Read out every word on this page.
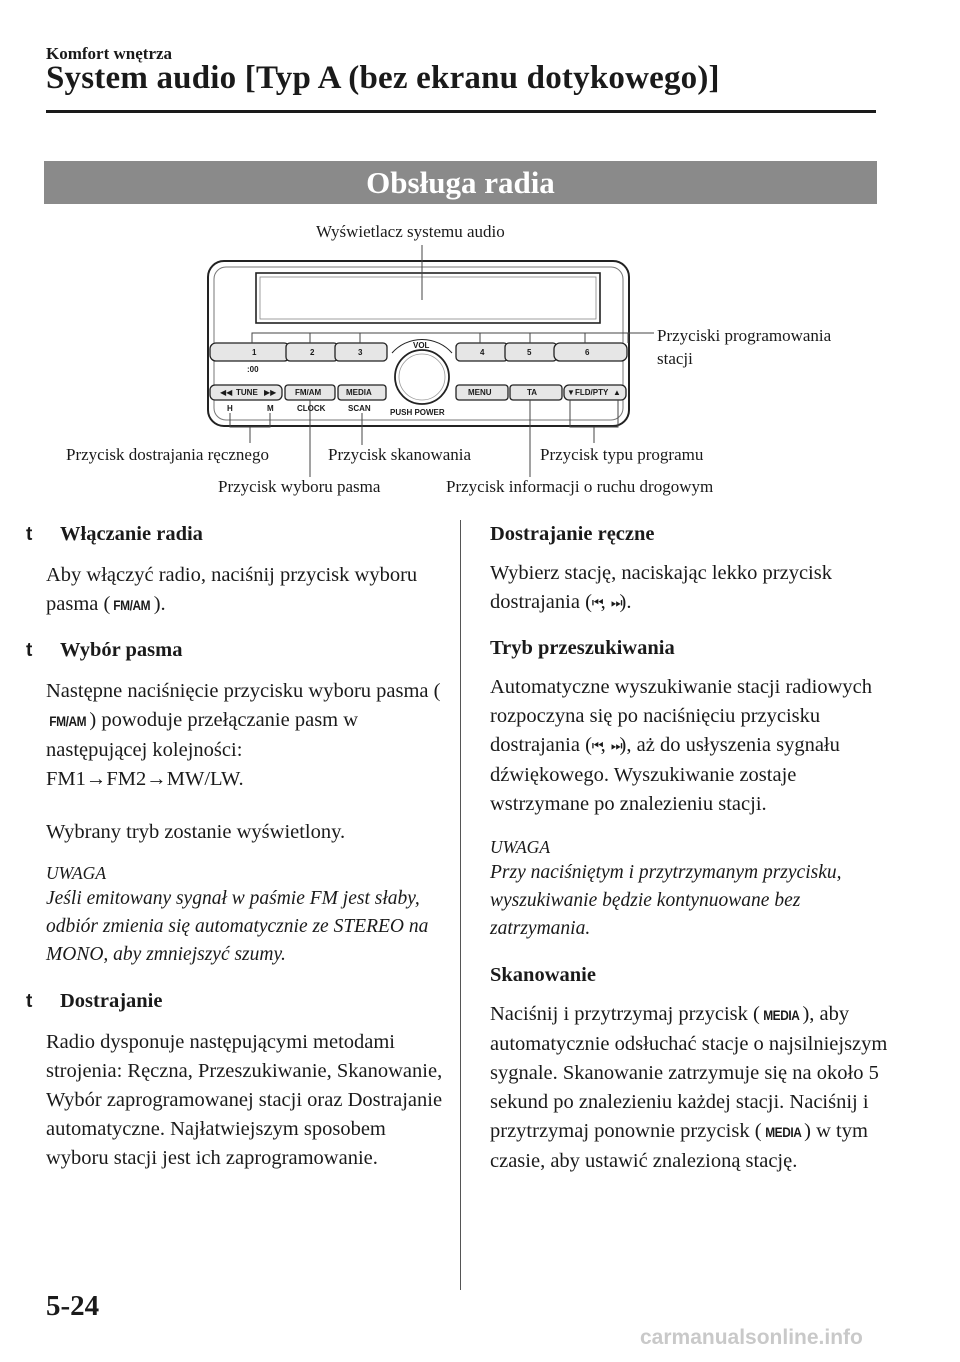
Komfort wnętrza
System audio [Typ A (bez ekranu dotykowego)]
Obsługa radia
1	2	3
:00
4	5	6
VOL
PUSH POWER
◀◀ TUNE ▶▶ FM/AM	MEDIA
H	M	CLOCK	SCAN
MENU	TA	▼ FLD/PTY ▲
Wyświetlacz systemu audio
Przyciski programowania
stacji
Przycisk dostrajania ręcznego	Przycisk skanowania	Przycisk typu programu
Przycisk wyboru pasma	Przycisk informacji o ruchu drogowym
t Włączanie radia

Aby włączyć radio, naciśnij przycisk wyboru pasma ( FM/AM ).

t Wybór pasma

Następne naciśnięcie przycisku wyboru pasma (FM/AM ) powoduje przełączanie pasm w następującej kolejności:
FM1→FM2→MW/LW.

Wybrany tryb zostanie wyświetlony.

UWAGA
Jeśli emitowany sygnał w paśmie FM jest słaby, odbiór zmienia się automatycznie ze STEREO na MONO, aby zmniejszyć szumy.
t Dostrajanie

Radio dysponuje następującymi metodami strojenia: Ręczna, Przeszukiwanie, Skanowanie, Wybór zaprogramowanej stacji oraz Dostrajanie automatyczne. Najłatwiejszym sposobem wyboru stacji jest ich zaprogramowanie.

Dostrajanie ręczne

Wybierz stację, naciskając lekko przycisk dostrajania (⏮, ⏭).

Tryb przeszukiwania

Automatyczne wyszukiwanie stacji radiowych rozpoczyna się po naciśnięciu przycisku dostrajania (⏮, ⏭), aż do usłyszenia sygnału dźwiękowego. Wyszukiwanie zostaje wstrzymane po znalezieniu stacji.

UWAGA
Przy naciśniętym i przytrzymanym przycisku, wyszukiwanie będzie kontynuowane bez zatrzymania.
Skanowanie

Naciśnij i przytrzymaj przycisk ( MEDIA ), aby automatycznie odsłuchać stacje o najsilniejszym sygnale. Skanowanie zatrzymuje się na około 5 sekund po znalezieniu każdej stacji. Naciśnij i przytrzymaj ponownie przycisk ( MEDIA ) w tym czasie, aby ustawić znalezioną stację.

5-24
carmanualsonline.info
